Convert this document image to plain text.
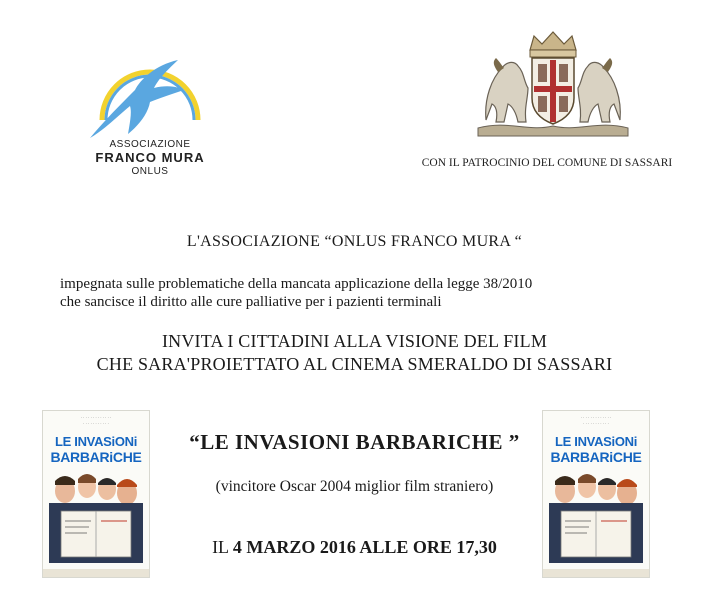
ASSOCIAZIONE
FRANCO MURA
ONLUS
CON IL PATROCINIO DEL COMUNE DI SASSARI
L'ASSOCIAZIONE “ONLUS FRANCO MURA “
impegnata sulle problematiche della mancata applicazione della legge 38/2010
che sancisce il diritto alle cure palliative per i pazienti terminali
INVITA I CITTADINI ALLA VISIONE DEL FILM
CHE SARA'PROIETTATO AL CINEMA SMERALDO DI SASSARI
· · · · · · · · · · · · ·
· · · · · · · · · · ·
LE INVASiONi
BARBARiCHE
· · · · · · · · · · · · ·
· · · · · · · · · · ·
LE INVASiONi
BARBARiCHE
“LE INVASIONI BARBARICHE ”
(vincitore Oscar 2004 miglior film straniero)
IL 4 MARZO 2016 ALLE ORE 17,30
